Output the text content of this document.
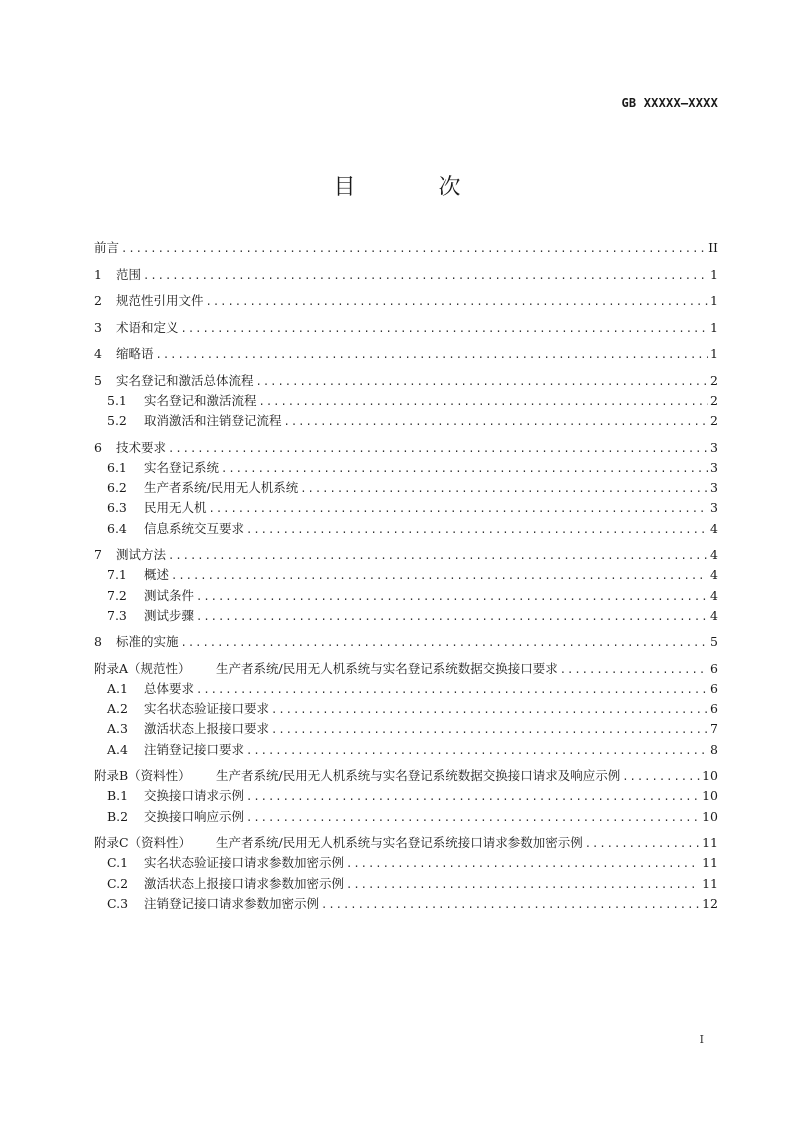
GB XXXXX—XXXX
目 次
前言 .....	II
1	范围 .....	1
2	规范性引用文件 .....	1
3	术语和定义 .....	1
4	缩略语 .....	1
5	实名登记和激活总体流程 .....	2
5.1	实名登记和激活流程 .....	2
5.2	取消激活和注销登记流程 .....	2
6	技术要求 .....	3
6.1	实名登记系统 .....	3
6.2	生产者系统/民用无人机系统 .....	3
6.3	民用无人机 .....	3
6.4	信息系统交互要求 .....	4
7	测试方法 .....	4
7.1	概述 .....	4
7.2	测试条件 .....	4
7.3	测试步骤 .....	4
8	标准的实施 .....	5
附录A（规范性）	生产者系统/民用无人机系统与实名登记系统数据交换接口要求 .....	6
A.1	总体要求 .....	6
A.2	实名状态验证接口要求 .....	6
A.3	激活状态上报接口要求 .....	7
A.4	注销登记接口要求 .....	8
附录B（资料性）	生产者系统/民用无人机系统与实名登记系统数据交换接口请求及响应示例 .....	10
B.1	交换接口请求示例 .....	10
B.2	交换接口响应示例 .....	10
附录C（资料性）	生产者系统/民用无人机系统与实名登记系统接口请求参数加密示例 .....	11
C.1	实名状态验证接口请求参数加密示例 .....	11
C.2	激活状态上报接口请求参数加密示例 .....	11
C.3	注销登记接口请求参数加密示例 .....	12
I
